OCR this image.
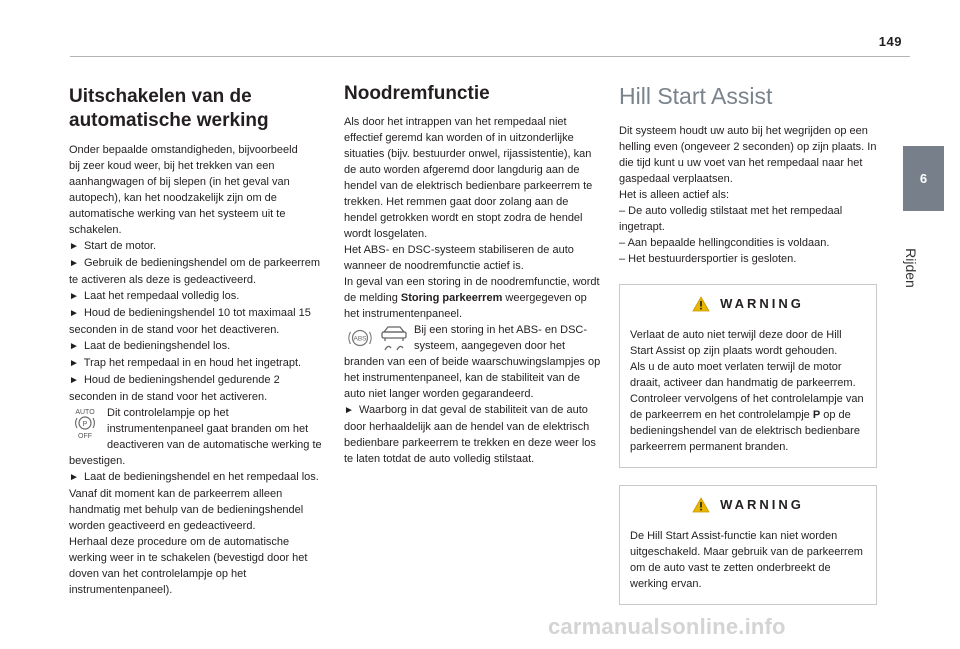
149
6
Rijden
Uitschakelen van de automatische werking

Onder bepaalde omstandigheden, bijvoorbeeld
bij zeer koud weer, bij het trekken van een
aanhangwagen of bij slepen (in het geval van
autopech), kan het noodzakelijk zijn om de
automatische werking van het systeem uit te
schakelen.

► Start de motor.

► Gebruik de bedieningshendel om de parkeerrem te activeren als deze is gedeactiveerd.

► Laat het rempedaal volledig los.

► Houd de bedieningshendel 10 tot maximaal 15 seconden in de stand voor het deactiveren.

► Laat de bedieningshendel los.

► Trap het rempedaal in en houd het ingetrapt.

► Houd de bedieningshendel gedurende 2 seconden in de stand voor het activeren.

AUTO
P
OFF

Dit controlelampje op het instrumentenpaneel gaat branden om het deactiveren van de automatische werking te bevestigen.

► Laat de bedieningshendel en het rempedaal los.

Vanaf dit moment kan de parkeerrem alleen handmatig met behulp van de bedieningshendel worden geactiveerd en gedeactiveerd.

Herhaal deze procedure om de automatische werking weer in te schakelen (bevestigd door het doven van het controlelampje op het instrumentenpaneel).

Noodremfunctie

Als door het intrappen van het rempedaal niet effectief geremd kan worden of in uitzonderlijke situaties (bijv. bestuurder onwel, rijassistentie), kan de auto worden afgeremd door langdurig aan de hendel van de elektrisch bedienbare parkeerrem te trekken. Het remmen gaat door zolang aan de hendel getrokken wordt en stopt zodra de hendel wordt losgelaten.

Het ABS- en DSC-systeem stabiliseren de auto wanneer de noodremfunctie actief is.

In geval van een storing in de noodremfunctie, wordt de melding Storing parkeerrem weergegeven op het instrumentenpaneel.

ABS

Bij een storing in het ABS- en DSC-systeem, aangegeven door het branden van een of beide waarschuwingslampjes op het instrumentenpaneel, kan de stabiliteit van de auto niet langer worden gegarandeerd.

► Waarborg in dat geval de stabiliteit van de auto door herhaaldelijk aan de hendel van de elektrisch bedienbare parkeerrem te trekken en deze weer los te laten totdat de auto volledig stilstaat.

Hill Start Assist

Dit systeem houdt uw auto bij het wegrijden op een helling even (ongeveer 2 seconden) op zijn plaats. In die tijd kunt u uw voet van het rempedaal naar het gaspedaal verplaatsen.

Het is alleen actief als:

– De auto volledig stilstaat met het rempedaal ingetrapt.

– Aan bepaalde hellingcondities is voldaan.

– Het bestuurdersportier is gesloten.

WARNING

Verlaat de auto niet terwijl deze door de Hill Start Assist op zijn plaats wordt gehouden.

Als u de auto moet verlaten terwijl de motor draait, activeer dan handmatig de parkeerrem. Controleer vervolgens of het controlelampje van de parkeerrem en het controlelampje P op de bedieningshendel van de elektrisch bedienbare parkeerrem permanent branden.

WARNING

De Hill Start Assist-functie kan niet worden uitgeschakeld. Maar gebruik van de parkeerrem om de auto vast te zetten onderbreekt de werking ervan.

carmanualsonline.info
